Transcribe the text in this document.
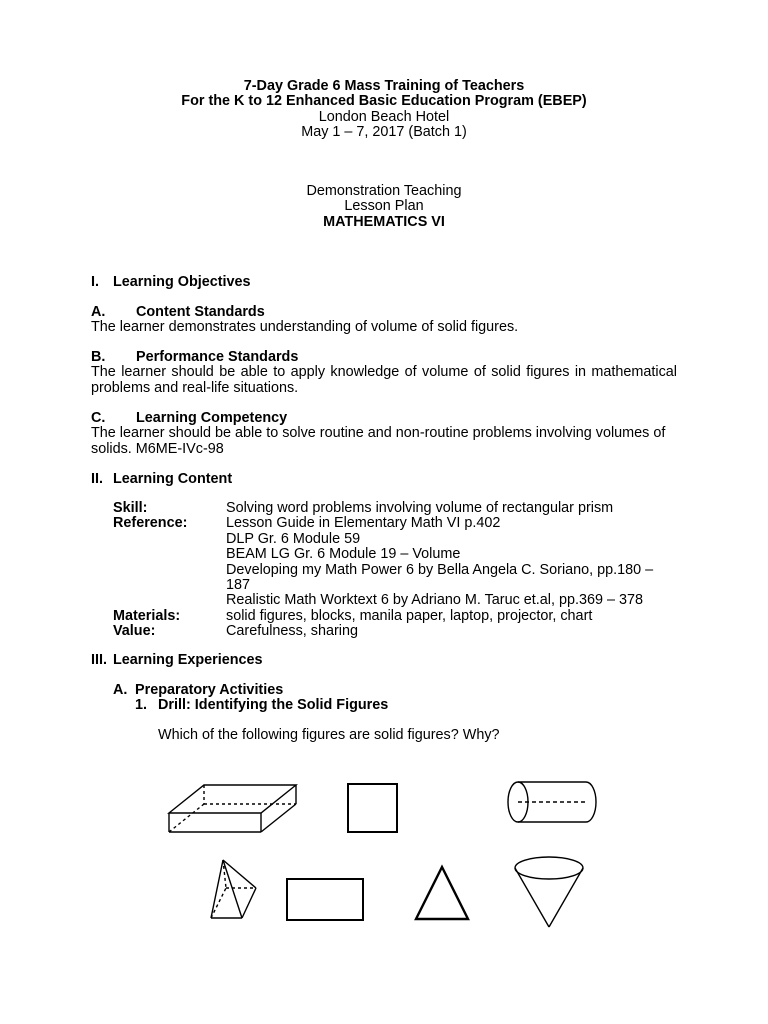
7-Day Grade 6 Mass Training of Teachers
For the K to 12 Enhanced Basic Education Program (EBEP)
London Beach Hotel
May 1 – 7, 2017 (Batch 1)
Demonstration Teaching
Lesson Plan
MATHEMATICS VI
I. Learning Objectives
A. Content Standards
The learner demonstrates understanding of volume of solid figures.
B. Performance Standards
The learner should be able to apply knowledge of volume of solid figures in mathematical problems and real-life situations.
C. Learning Competency
The learner should be able to solve routine and non-routine problems involving volumes of solids. M6ME-IVc-98
II. Learning Content
Skill:	Solving word problems involving volume of rectangular prism
Reference:	Lesson Guide in Elementary Math VI p.402
DLP Gr. 6 Module 59
BEAM LG Gr. 6 Module 19 – Volume
Developing my Math Power 6 by Bella Angela C. Soriano, pp.180 – 187
Realistic Math Worktext 6 by Adriano M. Taruc et.al, pp.369 – 378

Materials:	solid figures, blocks, manila paper, laptop, projector, chart
Value:	Carefulness, sharing
III. Learning Experiences
A. Preparatory Activities
1. Drill: Identifying the Solid Figures
Which of the following figures are solid figures? Why?
